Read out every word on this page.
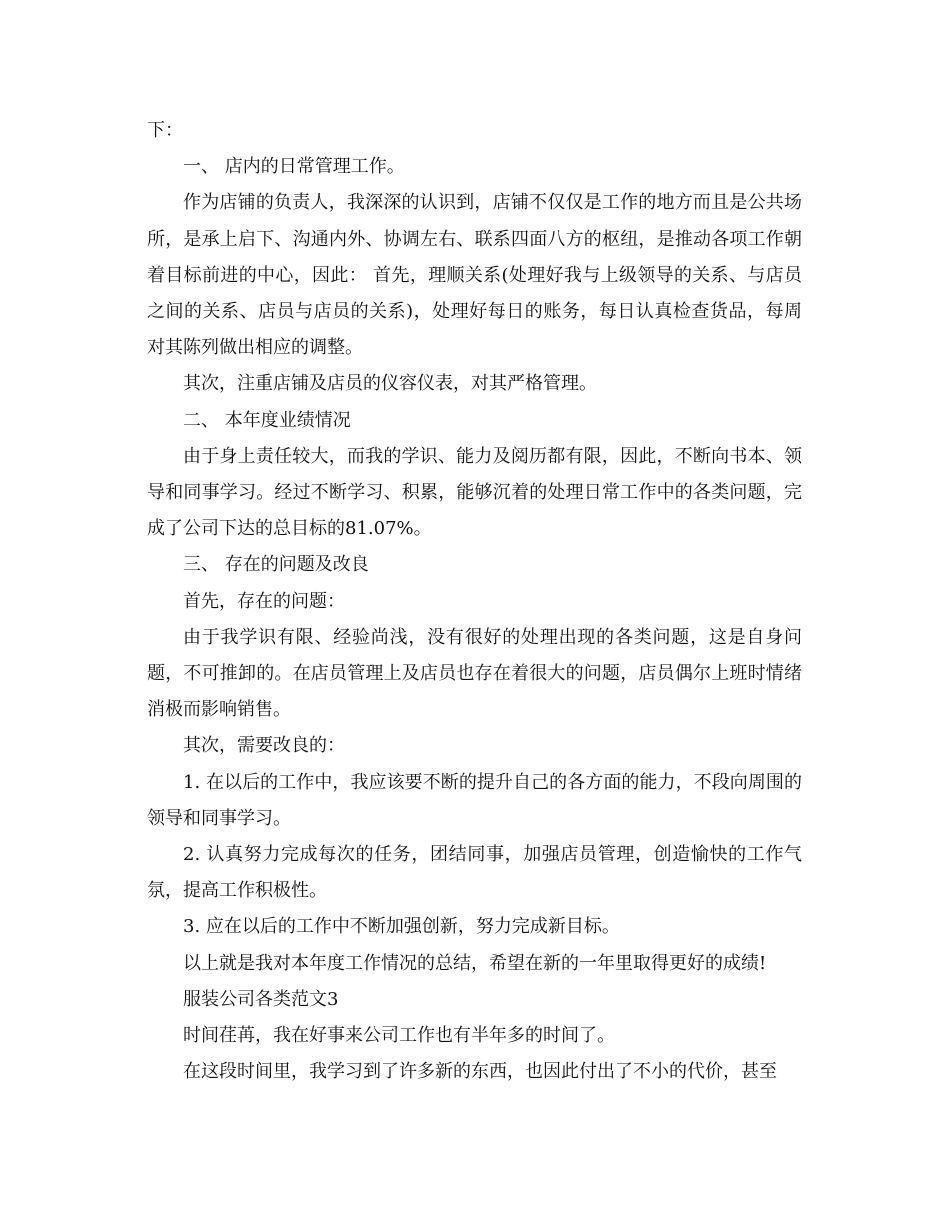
下：

一、 店内的日常管理工作。

作为店铺的负责人，我深深的认识到，店铺不仅仅是工作的地方而且是公共场所，是承上启下、沟通内外、协调左右、联系四面八方的枢纽，是推动各项工作朝着目标前进的中心，因此： 首先，理顺关系(处理好我与上级领导的关系、与店员之间的关系、店员与店员的关系)，处理好每日的账务，每日认真检查货品，每周对其陈列做出相应的调整。

其次，注重店铺及店员的仪容仪表，对其严格管理。

二、 本年度业绩情况

由于身上责任较大，而我的学识、能力及阅历都有限，因此，不断向书本、领导和同事学习。经过不断学习、积累，能够沉着的处理日常工作中的各类问题，完成了公司下达的总目标的81.07%。

三、 存在的问题及改良

首先，存在的问题：

由于我学识有限、经验尚浅，没有很好的处理出现的各类问题，这是自身问题，不可推卸的。在店员管理上及店员也存在着很大的问题，店员偶尔上班时情绪消极而影响销售。

其次，需要改良的：

1. 在以后的工作中，我应该要不断的提升自己的各方面的能力，不段向周围的领导和同事学习。

2. 认真努力完成每次的任务，团结同事，加强店员管理，创造愉快的工作气氛，提高工作积极性。

3. 应在以后的工作中不断加强创新，努力完成新目标。

以上就是我对本年度工作情况的总结，希望在新的一年里取得更好的成绩!

服装公司各类范文3

时间荏苒，我在好事来公司工作也有半年多的时间了。

在这段时间里，我学习到了许多新的东西，也因此付出了不小的代价，甚至
